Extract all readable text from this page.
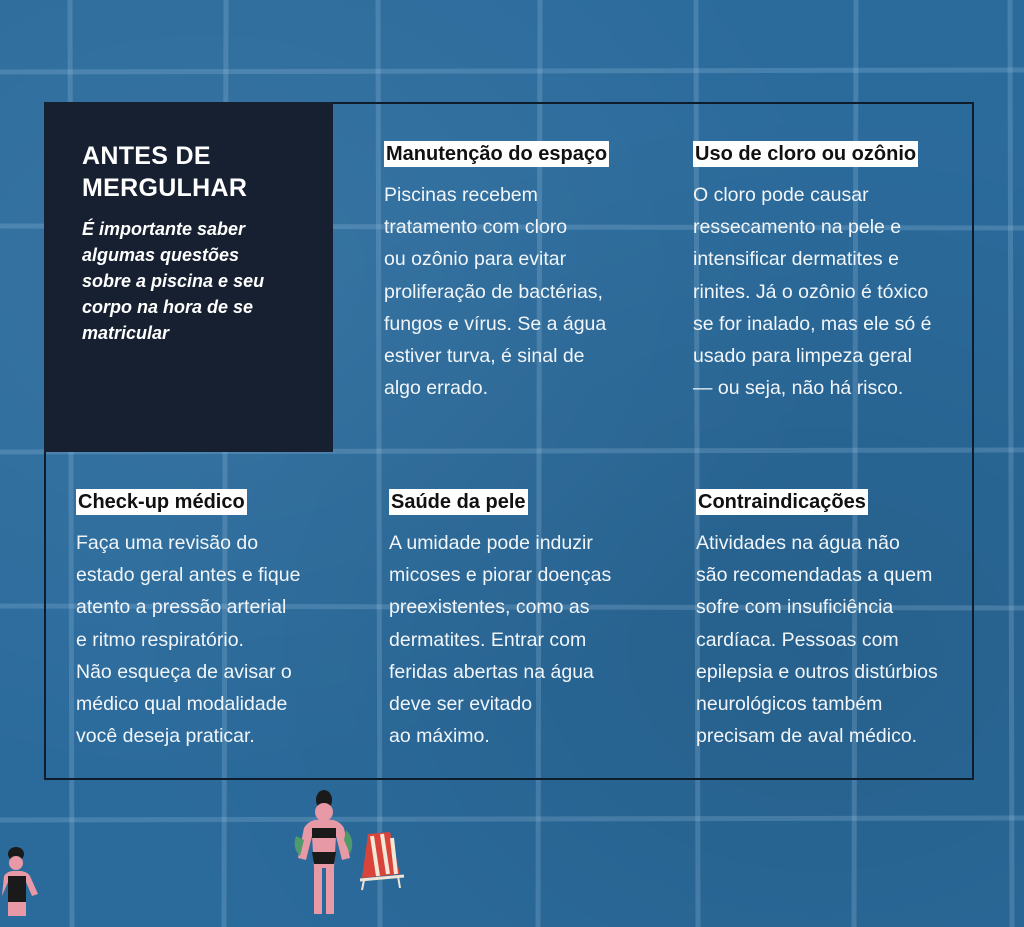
ANTES DE MERGULHAR

É importante saber algumas questões sobre a piscina e seu corpo na hora de se matricular

Manutenção do espaço
Piscinas recebem
tratamento com cloro
ou ozônio para evitar
proliferação de bactérias,
fungos e vírus. Se a água
estiver turva, é sinal de
algo errado.
Uso de cloro ou ozônio
O cloro pode causar
ressecamento na pele e
intensificar dermatites e
rinites. Já o ozônio é tóxico
se for inalado, mas ele só é
usado para limpeza geral
— ou seja, não há risco.
Check-up médico
Faça uma revisão do
estado geral antes e fique
atento a pressão arterial
e ritmo respiratório.
Não esqueça de avisar o
médico qual modalidade
você deseja praticar.
Saúde da pele
A umidade pode induzir
micoses e piorar doenças
preexistentes, como as
dermatites. Entrar com
feridas abertas na água
deve ser evitado
ao máximo.
Contraindicações
Atividades na água não
são recomendadas a quem
sofre com insuficiência
cardíaca. Pessoas com
epilepsia e outros distúrbios
neurológicos também
precisam de aval médico.
